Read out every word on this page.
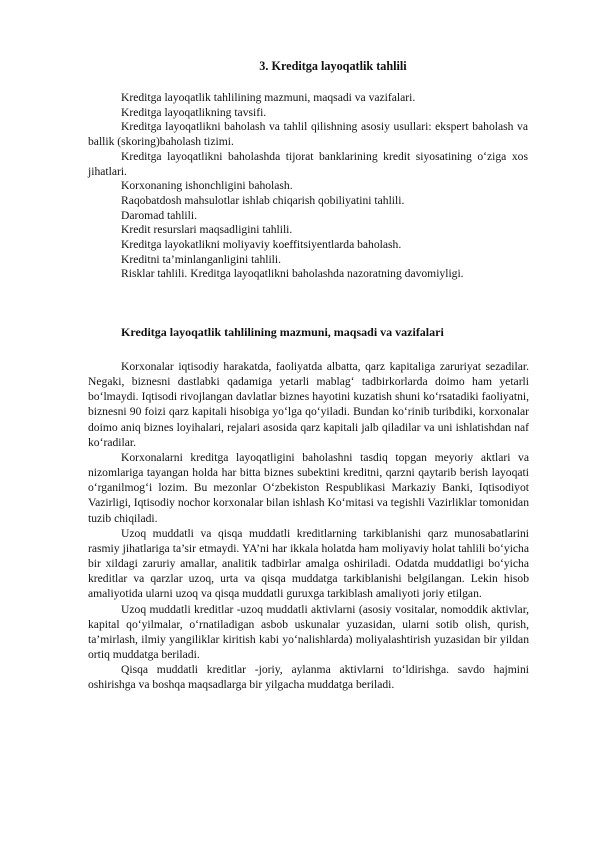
3. Kreditga layoqatlik tahlili

Kreditga layoqatlik tahlilining mazmuni, maqsadi va vazifalari.

Kreditga layoqatlikning tavsifi.

Kreditga layoqatlikni baholash va tahlil qilishning asosiy usullari: ekspert baholash va ballik (skoring)baholash tizimi.

Kreditga layoqatlikni baholashda tijorat banklarining kredit siyosatining o‘ziga xos jihatlari.

Korxonaning ishonchligini baholash.

Raqobatdosh mahsulotlar ishlab chiqarish qobiliyatini tahlili.

Daromad tahlili.

Kredit resurslari maqsadligini tahlili.

Kreditga layokatlikni moliyaviy koeffitsiyentlarda baholash.

Kreditni ta’minlanganligini tahlili.

Risklar tahlili. Kreditga layoqatlikni baholashda nazoratning davomiyligi.

Kreditga layoqatlik tahlilining mazmuni, maqsadi va vazifalari

Korxonalar iqtisodiy harakatda, faoliyatda albatta, qarz kapitaliga zaruriyat sezadilar. Negaki, biznesni dastlabki qadamiga yetarli mablag‘ tadbirkorlarda doimo ham yetarli bo‘lmaydi. Iqtisodi rivojlangan davlatlar biznes hayotini kuzatish shuni ko‘rsatadiki faoliyatni, biznesni 90 foizi qarz kapitali hisobiga yo‘lga qo‘yiladi. Bundan ko‘rinib turibdiki, korxonalar doimo aniq biznes loyihalari, rejalari asosida qarz kapitali jalb qiladilar va uni ishlatishdan naf ko‘radilar.

Korxonalarni kreditga layoqatligini baholashni tasdiq topgan meyoriy aktlari va nizomlariga tayangan holda har bitta biznes subektini kreditni, qarzni qaytarib berish layoqati o‘rganilmog‘i lozim. Bu mezonlar O‘zbekiston Respublikasi Markaziy Banki, Iqtisodiyot Vazirligi, Iqtisodiy nochor korxonalar bilan ishlash Ko‘mitasi va tegishli Vazirliklar tomonidan tuzib chiqiladi.

Uzoq muddatli va qisqa muddatli kreditlarning tarkiblanishi qarz munosabatlarini rasmiy jihatlariga ta’sir etmaydi. YA’ni har ikkala holatda ham moliyaviy holat tahlili bo‘yicha bir xildagi zaruriy amallar, analitik tadbirlar amalga oshiriladi. Odatda muddatligi bo‘yicha kreditlar va qarzlar uzoq, urta va qisqa muddatga tarkiblanishi belgilangan. Lekin hisob amaliyotida ularni uzoq va qisqa muddatli guruxga tarkiblash amaliyoti joriy etilgan.

Uzoq muddatli kreditlar -uzoq muddatli aktivlarni (asosiy vositalar, nomoddik aktivlar, kapital qo‘yilmalar, o‘rnatiladigan asbob uskunalar yuzasidan, ularni sotib olish, qurish, ta’mirlash, ilmiy yangiliklar kiritish kabi yo‘nalishlarda) moliyalashtirish yuzasidan bir yildan ortiq muddatga beriladi.

Qisqa muddatli kreditlar -joriy, aylanma aktivlarni to‘ldirishga. savdo hajmini oshirishga va boshqa maqsadlarga bir yilgacha muddatga beriladi.
